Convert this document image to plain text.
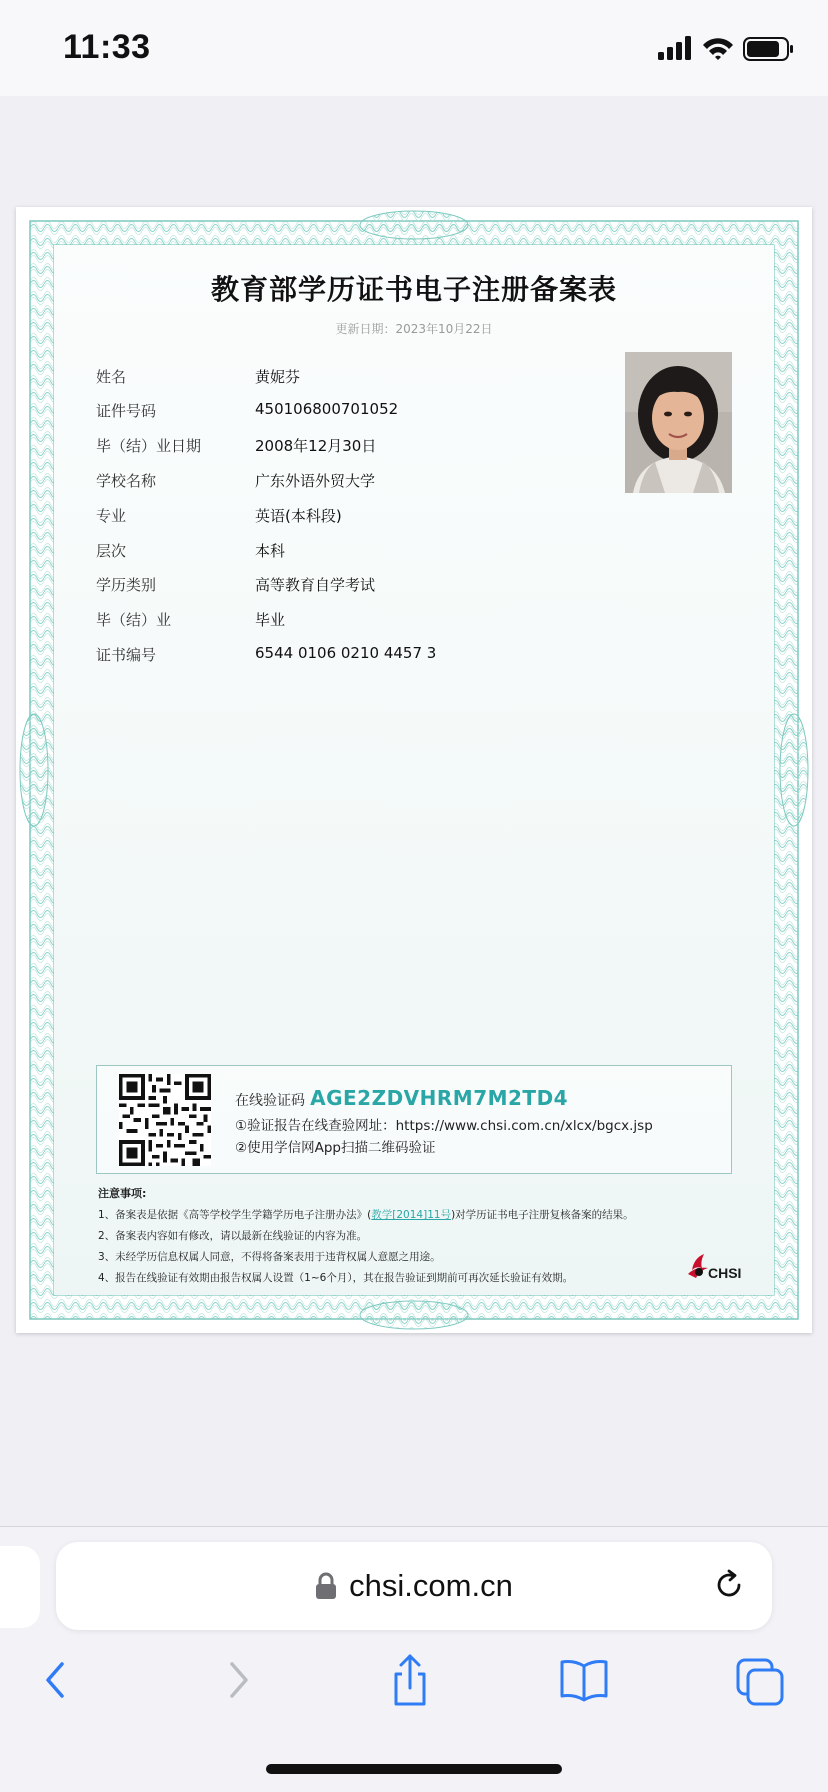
11:33
教育部学历证书电子注册备案表
更新日期：2023年10月22日
姓名	黄妮芬
证件号码	450106800701052
毕（结）业日期	2008年12月30日
学校名称	广东外语外贸大学
专业	英语(本科段)
层次	本科
学历类别	高等教育自学考试
毕（结）业	毕业
证书编号	6544 0106 0210 4457 3
在线验证码 AGE2ZDVHRM7M2TD4
①验证报告在线查验网址：https://www.chsi.com.cn/xlcx/bgcx.jsp
②使用学信网App扫描二维码验证
注意事项:
1、备案表是依据《高等学校学生学籍学历电子注册办法》(教学[2014]11号)对学历证书电子注册复核备案的结果。
2、备案表内容如有修改，请以最新在线验证的内容为准。
3、未经学历信息权属人同意，不得将备案表用于违背权属人意愿之用途。
4、报告在线验证有效期由报告权属人设置（1~6个月），其在报告验证到期前可再次延长验证有效期。	CHSI
chsi.com.cn
